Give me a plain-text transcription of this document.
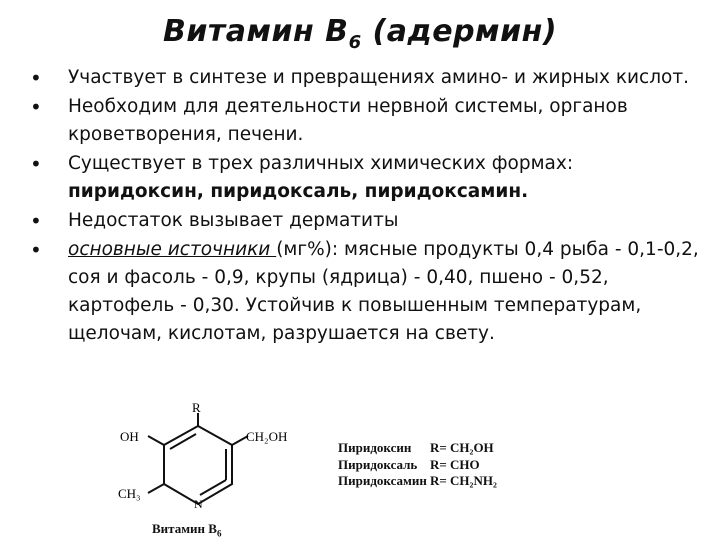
Витамин $B_6$ (адермин)
• Участвует в синтезе и превращениях амино- и жирных кислот.
• Необходим для деятельности нервной системы, органов кроветворения, печени.
• Существует в трех различных химических формах: пиридоксин, пиридоксаль, пиридоксамин.
• Недостаток вызывает дерматиты
• основные источники (мг%): мясные продукты 0,4 рыба - 0,1-0,2, соя и фасоль - 0,9, крупы (ядрица) - 0,40, пшено - 0,52, картофель - 0,30. Устойчив к повышенным температурам, щелочам, кислотам, разрушается на свету.
R
OH	CH₂OH
CH₃
N
Пиридоксин R= CH₂OH
Пиридоксаль R= CHO
Пиридоксамин R= CH₂NH₂
Витамин $B_6$
